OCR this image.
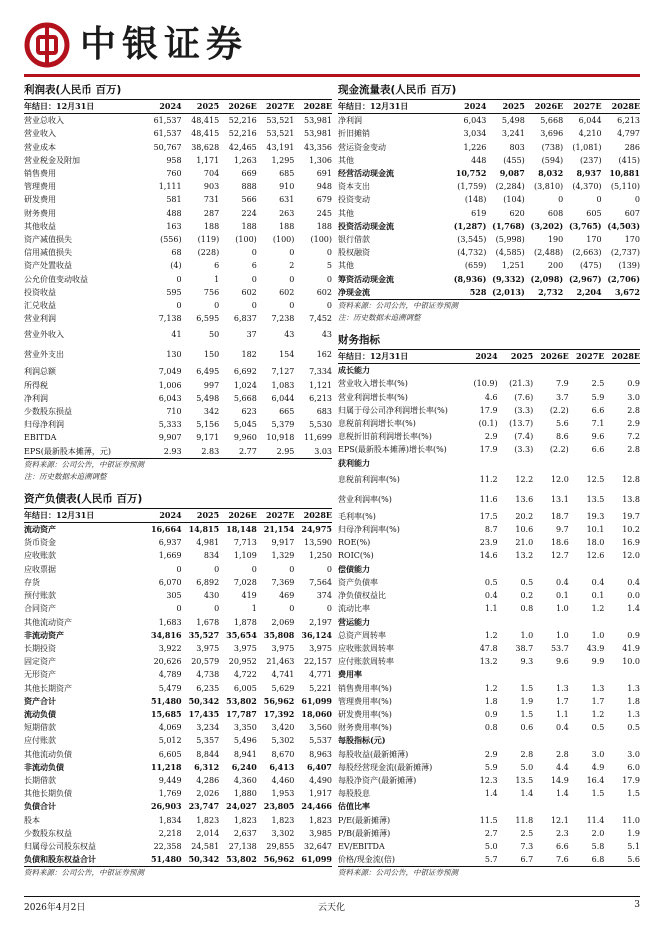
中银证券
利润表(人民币 百万)
年结日：12月31日	2024	2025	2026E	2027E	2028E
营业总收入	61,537	48,415	52,216	53,521	53,981
营业收入	61,537	48,415	52,216	53,521	53,981
营业成本	50,767	38,628	42,465	43,191	43,356
营业税金及附加	958	1,171	1,263	1,295	1,306
销售费用	760	704	669	685	691
管理费用	1,111	903	888	910	948
研发费用	581	731	566	631	679
财务费用	488	287	224	263	245
其他收益	163	188	188	188	188
资产减值损失	(556)	(119)	(100)	(100)	(100)
信用减值损失	68	(228)	0	0	0
资产处置收益	(4)	6	6	2	5
公允价值变动收益	0	1	0	0	0
投资收益	595	756	602	602	602
汇兑收益	0	0	0	0	0
营业利润	7,138	6,595	6,837	7,238	7,452
营业外收入	41	50	37	43	43
营业外支出	130	150	182	154	162
利润总额	7,049	6,495	6,692	7,127	7,334
所得税	1,006	997	1,024	1,083	1,121
净利润	6,043	5,498	5,668	6,044	6,213
少数股东损益	710	342	623	665	683
归母净利润	5,333	5,156	5,045	5,379	5,530
EBITDA	9,907	9,171	9,960	10,918	11,699
EPS(最新股本摊薄，元)	2.93	2.83	2.77	2.95	3.03
资料来源：公司公告，中银证券预测
注：历史数据未追溯调整
资产负债表(人民币 百万)
年结日：12月31日	2024	2025	2026E	2027E	2028E
流动资产	16,664	14,815	18,148	21,154	24,975
货币资金	6,937	4,981	7,713	9,917	13,590
应收账款	1,669	834	1,109	1,329	1,250
应收票据	0	0	0	0	0
存货	6,070	6,892	7,028	7,369	7,564
预付账款	305	430	419	469	374
合同资产	0	0	1	0	0
其他流动资产	1,683	1,678	1,878	2,069	2,197
非流动资产	34,816	35,527	35,654	35,808	36,124
长期投资	3,922	3,975	3,975	3,975	3,975
固定资产	20,626	20,579	20,952	21,463	22,157
无形资产	4,789	4,738	4,722	4,741	4,771
其他长期资产	5,479	6,235	6,005	5,629	5,221
资产合计	51,480	50,342	53,802	56,962	61,099
流动负债	15,685	17,435	17,787	17,392	18,060
短期借款	4,069	3,234	3,350	3,420	3,560
应付账款	5,012	5,357	5,496	5,302	5,537
其他流动负债	6,605	8,844	8,941	8,670	8,963
非流动负债	11,218	6,312	6,240	6,413	6,407
长期借款	9,449	4,286	4,360	4,460	4,490
其他长期负债	1,769	2,026	1,880	1,953	1,917
负债合计	26,903	23,747	24,027	23,805	24,466
股本	1,834	1,823	1,823	1,823	1,823
少数股东权益	2,218	2,014	2,637	3,302	3,985
归属母公司股东权益	22,358	24,581	27,138	29,855	32,647
负债和股东权益合计	51,480	50,342	53,802	56,962	61,099
资料来源：公司公告，中银证券预测
现金流量表(人民币 百万)
年结日：12月31日	2024	2025	2026E	2027E	2028E
净利润	6,043	5,498	5,668	6,044	6,213
折旧摊销	3,034	3,241	3,696	4,210	4,797
营运资金变动	1,226	803	(738)	(1,081)	286
其他	448	(455)	(594)	(237)	(415)
经营活动现金流	10,752	9,087	8,032	8,937	10,881
资本支出	(1,759)	(2,284)	(3,810)	(4,370)	(5,110)
投资变动	(148)	(104)	0	0	0
其他	619	620	608	605	607
投资活动现金流	(1,287)	(1,768)	(3,202)	(3,765)	(4,503)
银行借款	(3,545)	(5,998)	190	170	170
股权融资	(4,732)	(4,585)	(2,488)	(2,663)	(2,737)
其他	(659)	1,251	200	(475)	(139)
筹资活动现金流	(8,936)	(9,332)	(2,098)	(2,967)	(2,706)
净现金流	528	(2,013)	2,732	2,204	3,672
资料来源：公司公告，中银证券预测
注：历史数据未追溯调整
财务指标
年结日：12月31日	2024	2025	2026E	2027E	2028E
成长能力					
营业收入增长率(%)	(10.9)	(21.3)	7.9	2.5	0.9
营业利润增长率(%)	4.6	(7.6)	3.7	5.9	3.0
归属于母公司净利润增长率(%)	17.9	(3.3)	(2.2)	6.6	2.8
息税前利润增长率(%)	(0.1)	(13.7)	5.6	7.1	2.9
息税折旧前利润增长率(%)	2.9	(7.4)	8.6	9.6	7.2
EPS(最新股本摊薄)增长率(%)	17.9	(3.3)	(2.2)	6.6	2.8
获利能力					
息税前利润率(%)	11.2	12.2	12.0	12.5	12.8
营业利润率(%)	11.6	13.6	13.1	13.5	13.8
毛利率(%)	17.5	20.2	18.7	19.3	19.7
归母净利润率(%)	8.7	10.6	9.7	10.1	10.2
ROE(%)	23.9	21.0	18.6	18.0	16.9
ROIC(%)	14.6	13.2	12.7	12.6	12.0
偿债能力					
资产负债率	0.5	0.5	0.4	0.4	0.4
净负债权益比	0.4	0.2	0.1	0.1	0.0
流动比率	1.1	0.8	1.0	1.2	1.4
营运能力					
总资产周转率	1.2	1.0	1.0	1.0	0.9
应收账款周转率	47.8	38.7	53.7	43.9	41.9
应付账款周转率	13.2	9.3	9.6	9.9	10.0
费用率					
销售费用率(%)	1.2	1.5	1.3	1.3	1.3
管理费用率(%)	1.8	1.9	1.7	1.7	1.8
研发费用率(%)	0.9	1.5	1.1	1.2	1.3
财务费用率(%)	0.8	0.6	0.4	0.5	0.5
每股指标(元)					
每股收益(最新摊薄)	2.9	2.8	2.8	3.0	3.0
每股经营现金流(最新摊薄)	5.9	5.0	4.4	4.9	6.0
每股净资产(最新摊薄)	12.3	13.5	14.9	16.4	17.9
每股股息	1.4	1.4	1.4	1.5	1.5
估值比率					
P/E(最新摊薄)	11.5	11.8	12.1	11.4	11.0
P/B(最新摊薄)	2.7	2.5	2.3	2.0	1.9
EV/EBITDA	5.0	7.3	6.6	5.8	5.1
价格/现金流(倍)	5.7	6.7	7.6	6.8	5.6
资料来源：公司公告，中银证券预测
2026年4月2日	云天化	3
